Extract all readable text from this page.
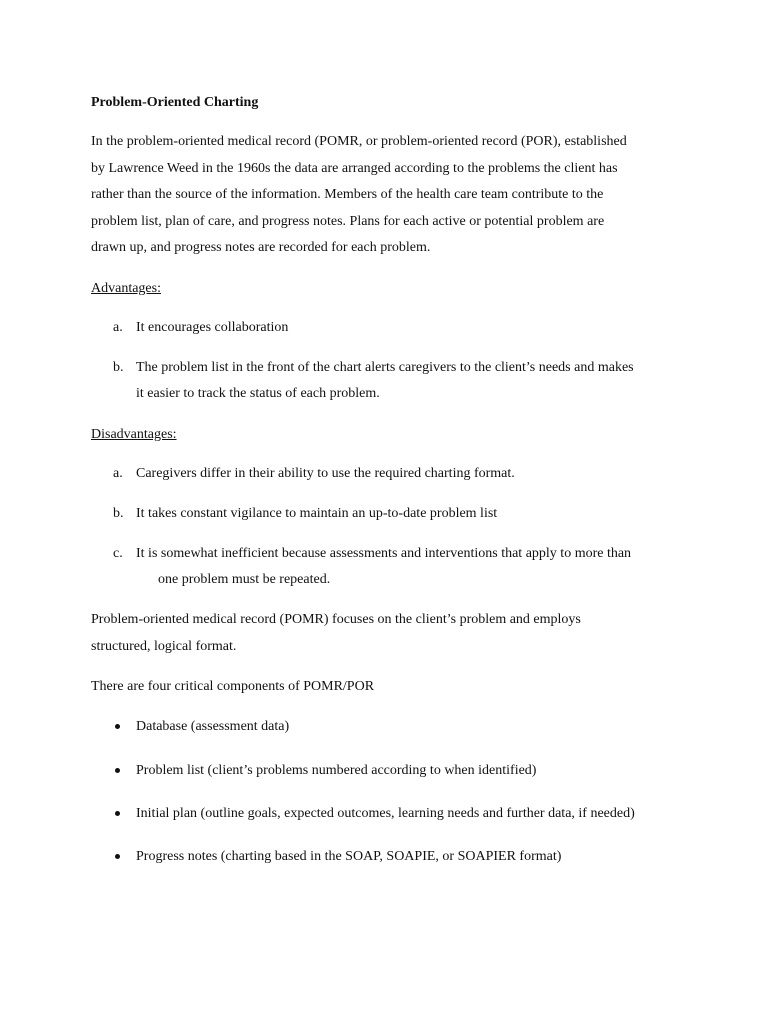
Problem-Oriented Charting

In the problem-oriented medical record (POMR, or problem-oriented record (POR), established
by Lawrence Weed in the 1960s the data are arranged according to the problems the client has
rather than the source of the information. Members of the health care team contribute to the
problem list, plan of care, and progress notes. Plans for each active or potential problem are
drawn up, and progress notes are recorded for each problem.

Advantages:

a. It encourages collaboration
b. The problem list in the front of the chart alerts caregivers to the client’s needs and makes
it easier to track the status of each problem.

Disadvantages:

a. Caregivers differ in their ability to use the required charting format.
b. It takes constant vigilance to maintain an up-to-date problem list
c. It is somewhat inefficient because assessments and interventions that apply to more than
one problem must be repeated.

Problem-oriented medical record (POMR) focuses on the client’s problem and employs
structured, logical format.

There are four critical components of POMR/POR

Database (assessment data)
Problem list (client’s problems numbered according to when identified)
Initial plan (outline goals, expected outcomes, learning needs and further data, if needed)
Progress notes (charting based in the SOAP, SOAPIE, or SOAPIER format)
